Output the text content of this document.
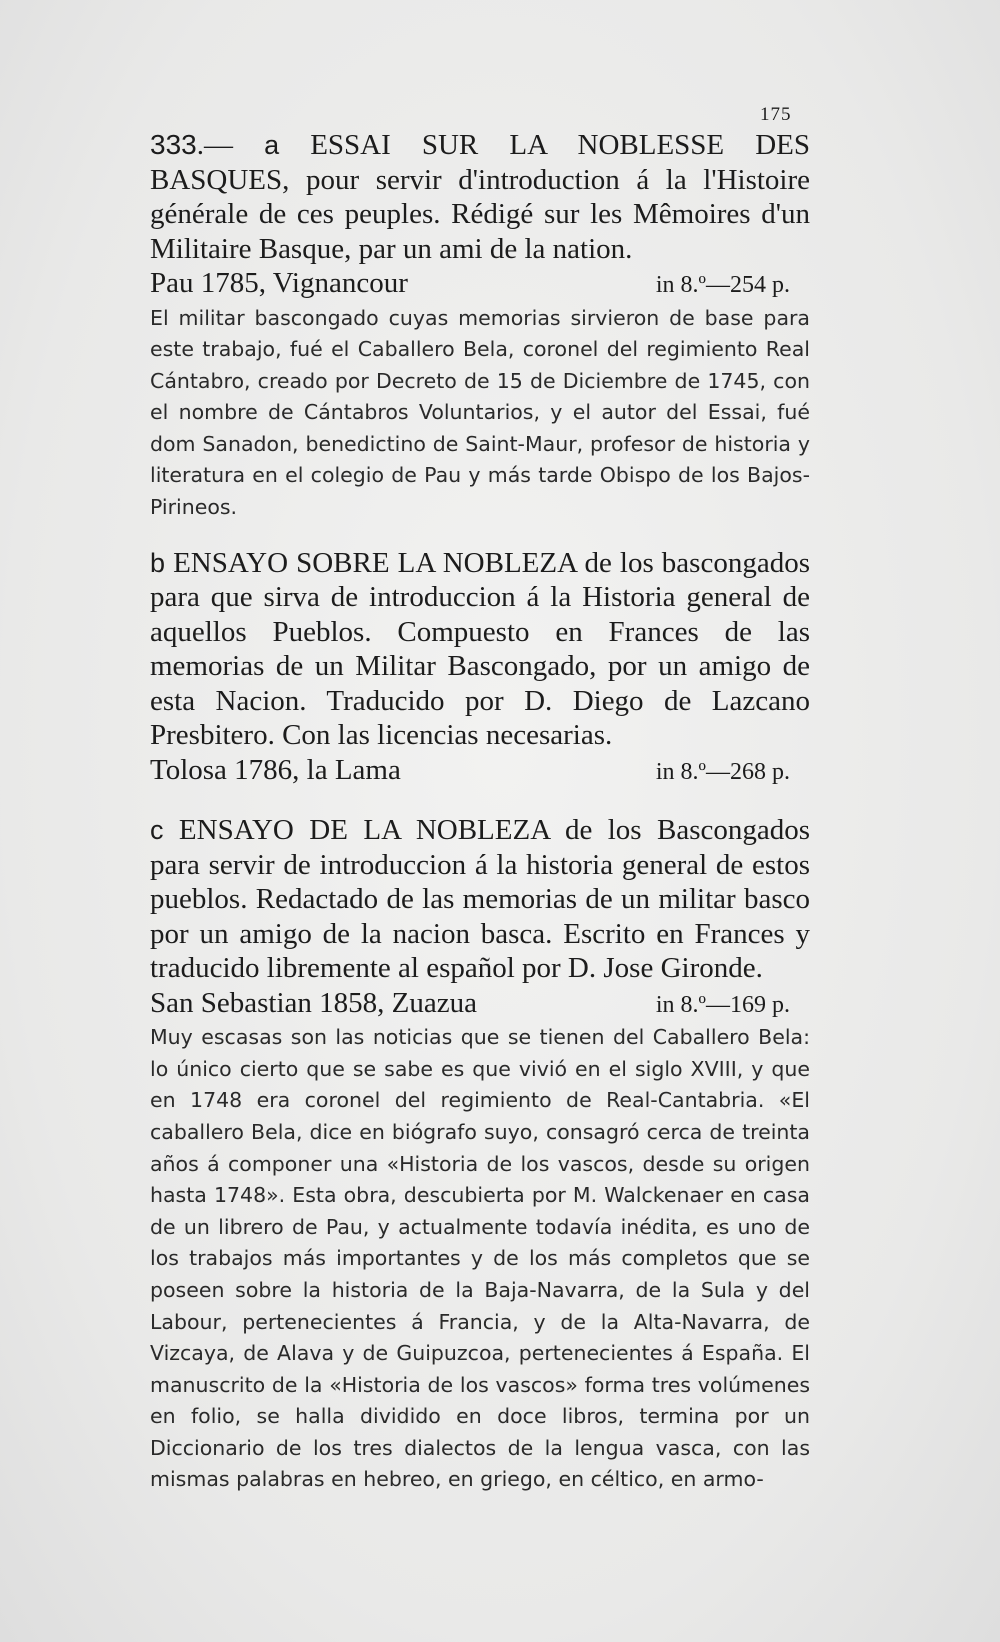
175

333.— a ESSAI SUR LA NOBLESSE DES BASQUES, pour servir d'introduction á la l'Histoire générale de ces peuples. Rédigé sur les Mêmoires d'un Militaire Basque, par un ami de la nation.

Pau 1785, Vignancour	in 8.º—254 p.

El militar bascongado cuyas memorias sirvieron de base para este trabajo, fué el Caballero Bela, coronel del regimiento Real Cántabro, creado por Decreto de 15 de Diciembre de 1745, con el nombre de Cántabros Voluntarios, y el autor del Essai, fué dom Sanadon, benedictino de Saint-Maur, profesor de historia y literatura en el colegio de Pau y más tarde Obispo de los Bajos-Pirineos.

b ENSAYO SOBRE LA NOBLEZA de los bascongados para que sirva de introduccion á la Historia general de aquellos Pueblos. Compuesto en Frances de las memorias de un Militar Bascongado, por un amigo de esta Nacion. Traducido por D. Diego de Lazcano Presbitero. Con las licencias necesarias.

Tolosa 1786, la Lama	in 8.º—268 p.

c ENSAYO DE LA NOBLEZA de los Bascongados para servir de introduccion á la historia general de estos pueblos. Redactado de las memorias de un militar basco por un amigo de la nacion basca. Escrito en Frances y traducido libremente al español por D. Jose Gironde.

San Sebastian 1858, Zuazua	in 8.º—169 p.

Muy escasas son las noticias que se tienen del Caballero Bela: lo único cierto que se sabe es que vivió en el siglo XVIII, y que en 1748 era coronel del regimiento de Real-Cantabria. «El caballero Bela, dice en biógrafo suyo, consagró cerca de treinta años á componer una «Historia de los vascos, desde su origen hasta 1748». Esta obra, descubierta por M. Walckenaer en casa de un librero de Pau, y actualmente todavía inédita, es uno de los trabajos más importantes y de los más completos que se poseen sobre la historia de la Baja-Navarra, de la Sula y del Labour, pertenecientes á Francia, y de la Alta-Navarra, de Vizcaya, de Alava y de Guipuzcoa, pertenecientes á España. El manuscrito de la «Historia de los vascos» forma tres volúmenes en folio, se halla dividido en doce libros, termina por un Diccionario de los tres dialectos de la lengua vasca, con las mismas palabras en hebreo, en griego, en céltico, en armo-
